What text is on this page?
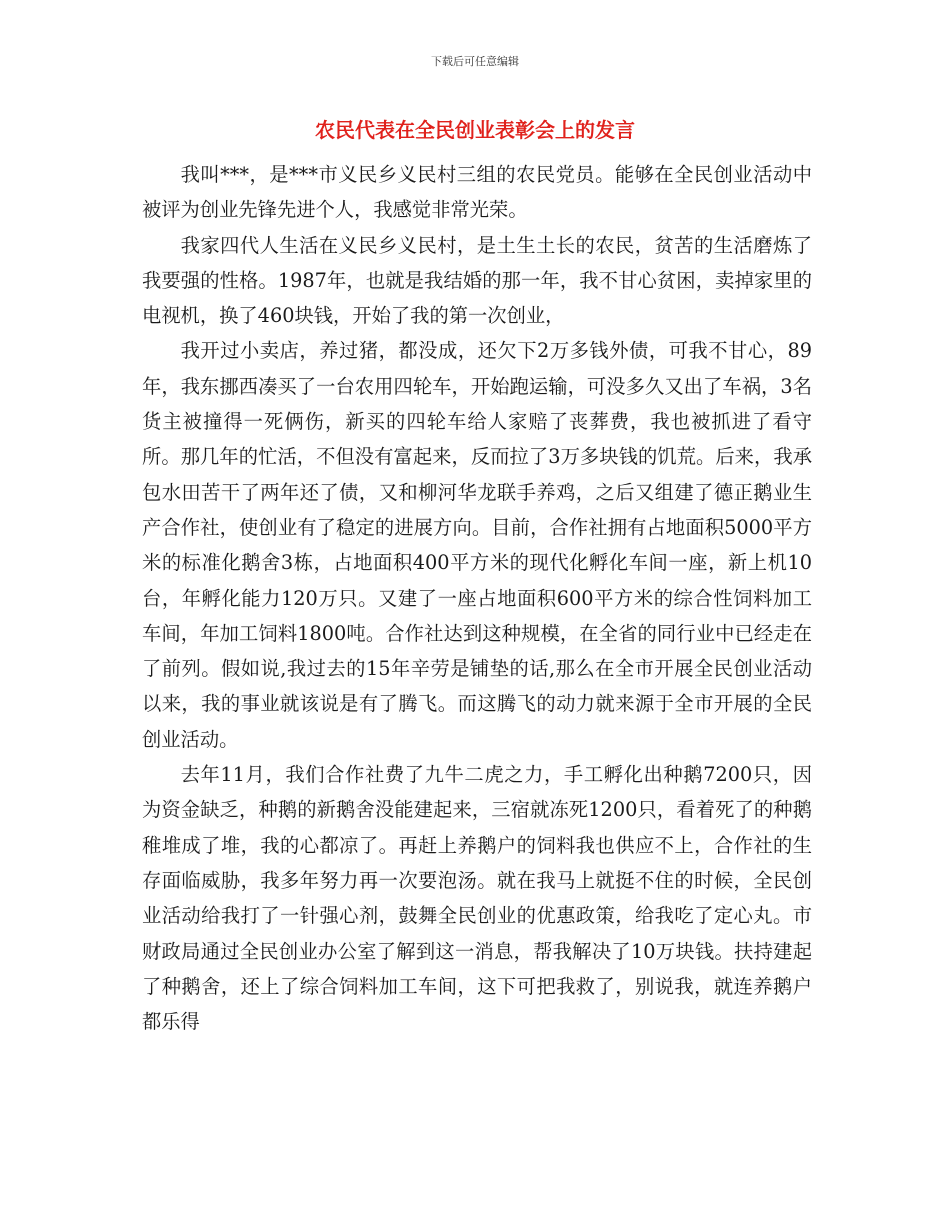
下载后可任意编辑
农民代表在全民创业表彰会上的发言

我叫***，是***市义民乡义民村三组的农民党员。能够在全民创业活动中被评为创业先锋先进个人，我感觉非常光荣。

我家四代人生活在义民乡义民村，是土生土长的农民，贫苦的生活磨炼了我要强的性格。1987年，也就是我结婚的那一年，我不甘心贫困，卖掉家里的电视机，换了460块钱，开始了我的第一次创业，

我开过小卖店，养过猪，都没成，还欠下2万多钱外债，可我不甘心，89年，我东挪西凑买了一台农用四轮车，开始跑运输，可没多久又出了车祸，3名货主被撞得一死俩伤，新买的四轮车给人家赔了丧葬费，我也被抓进了看守所。那几年的忙活，不但没有富起来，反而拉了3万多块钱的饥荒。后来，我承包水田苦干了两年还了债，又和柳河华龙联手养鸡，之后又组建了德正鹅业生产合作社，使创业有了稳定的进展方向。目前，合作社拥有占地面积5000平方米的标准化鹅舍3栋，占地面积400平方米的现代化孵化车间一座，新上机10台，年孵化能力120万只。又建了一座占地面积600平方米的综合性饲料加工车间，年加工饲料1800吨。合作社达到这种规模，在全省的同行业中已经走在了前列。假如说,我过去的15年辛劳是铺垫的话,那么在全市开展全民创业活动以来，我的事业就该说是有了腾飞。而这腾飞的动力就来源于全市开展的全民创业活动。

去年11月，我们合作社费了九牛二虎之力，手工孵化出种鹅7200只，因为资金缺乏，种鹅的新鹅舍没能建起来，三宿就冻死1200只，看着死了的种鹅稚堆成了堆，我的心都凉了。再赶上养鹅户的饲料我也供应不上，合作社的生存面临威胁，我多年努力再一次要泡汤。就在我马上就挺不住的时候，全民创业活动给我打了一针强心剂，鼓舞全民创业的优惠政策，给我吃了定心丸。市财政局通过全民创业办公室了解到这一消息，帮我解决了10万块钱。扶持建起了种鹅舍，还上了综合饲料加工车间，这下可把我救了，别说我，就连养鹅户都乐得
